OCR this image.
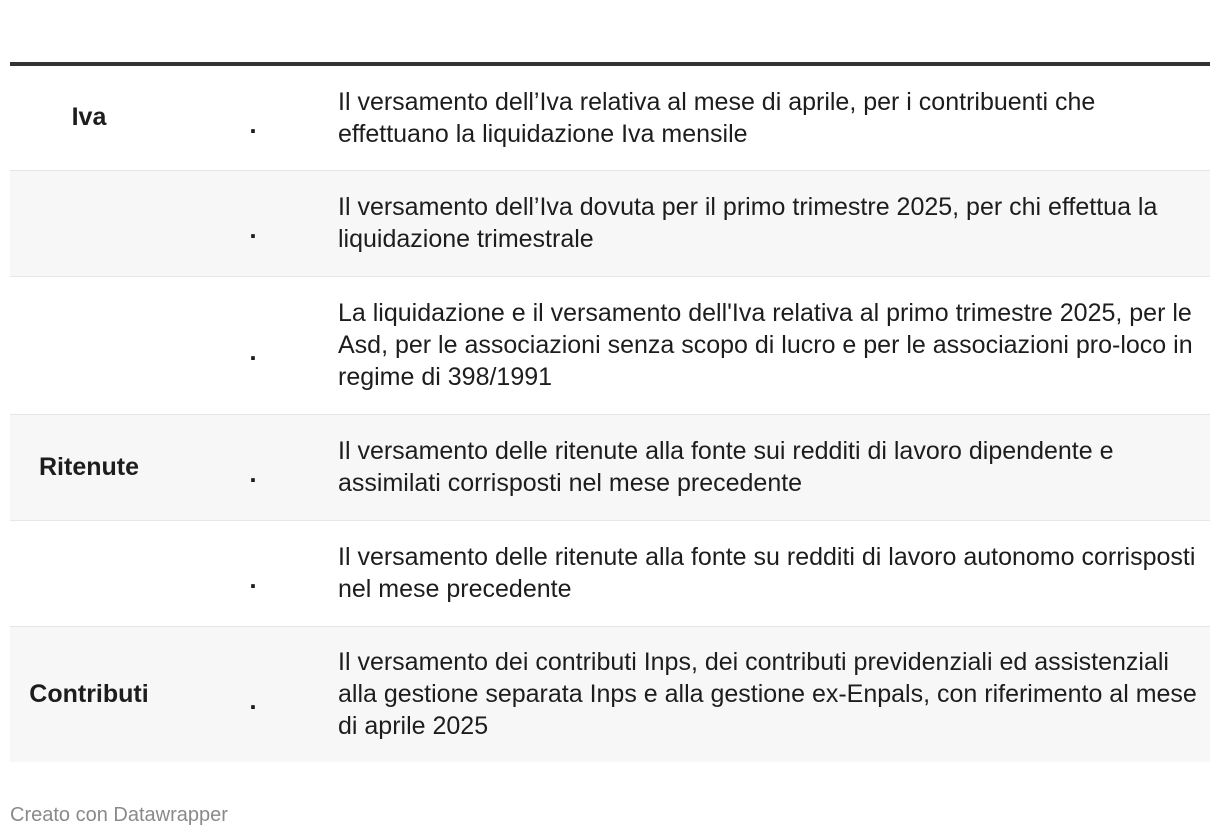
Iva	.	Il versamento dell’Iva relativa al mese di aprile, per i contribuenti che effettuano la liquidazione Iva mensile
	.	Il versamento dell’Iva dovuta per il primo trimestre 2025, per chi effettua la liquidazione trimestrale
	.	La liquidazione e il versamento dell'Iva relativa al primo trimestre 2025, per le Asd, per le associazioni senza scopo di lucro e per le associazioni pro-loco in regime di 398/1991
Ritenute	.	Il versamento delle ritenute alla fonte sui redditi di lavoro dipendente e assimilati corrisposti nel mese precedente
	.	Il versamento delle ritenute alla fonte su redditi di lavoro autonomo corrisposti nel mese precedente
Contributi	.	Il versamento dei contributi Inps, dei contributi previdenziali ed assistenziali alla gestione separata Inps e alla gestione ex-Enpals, con riferimento al mese di aprile 2025
Creato con Datawrapper
